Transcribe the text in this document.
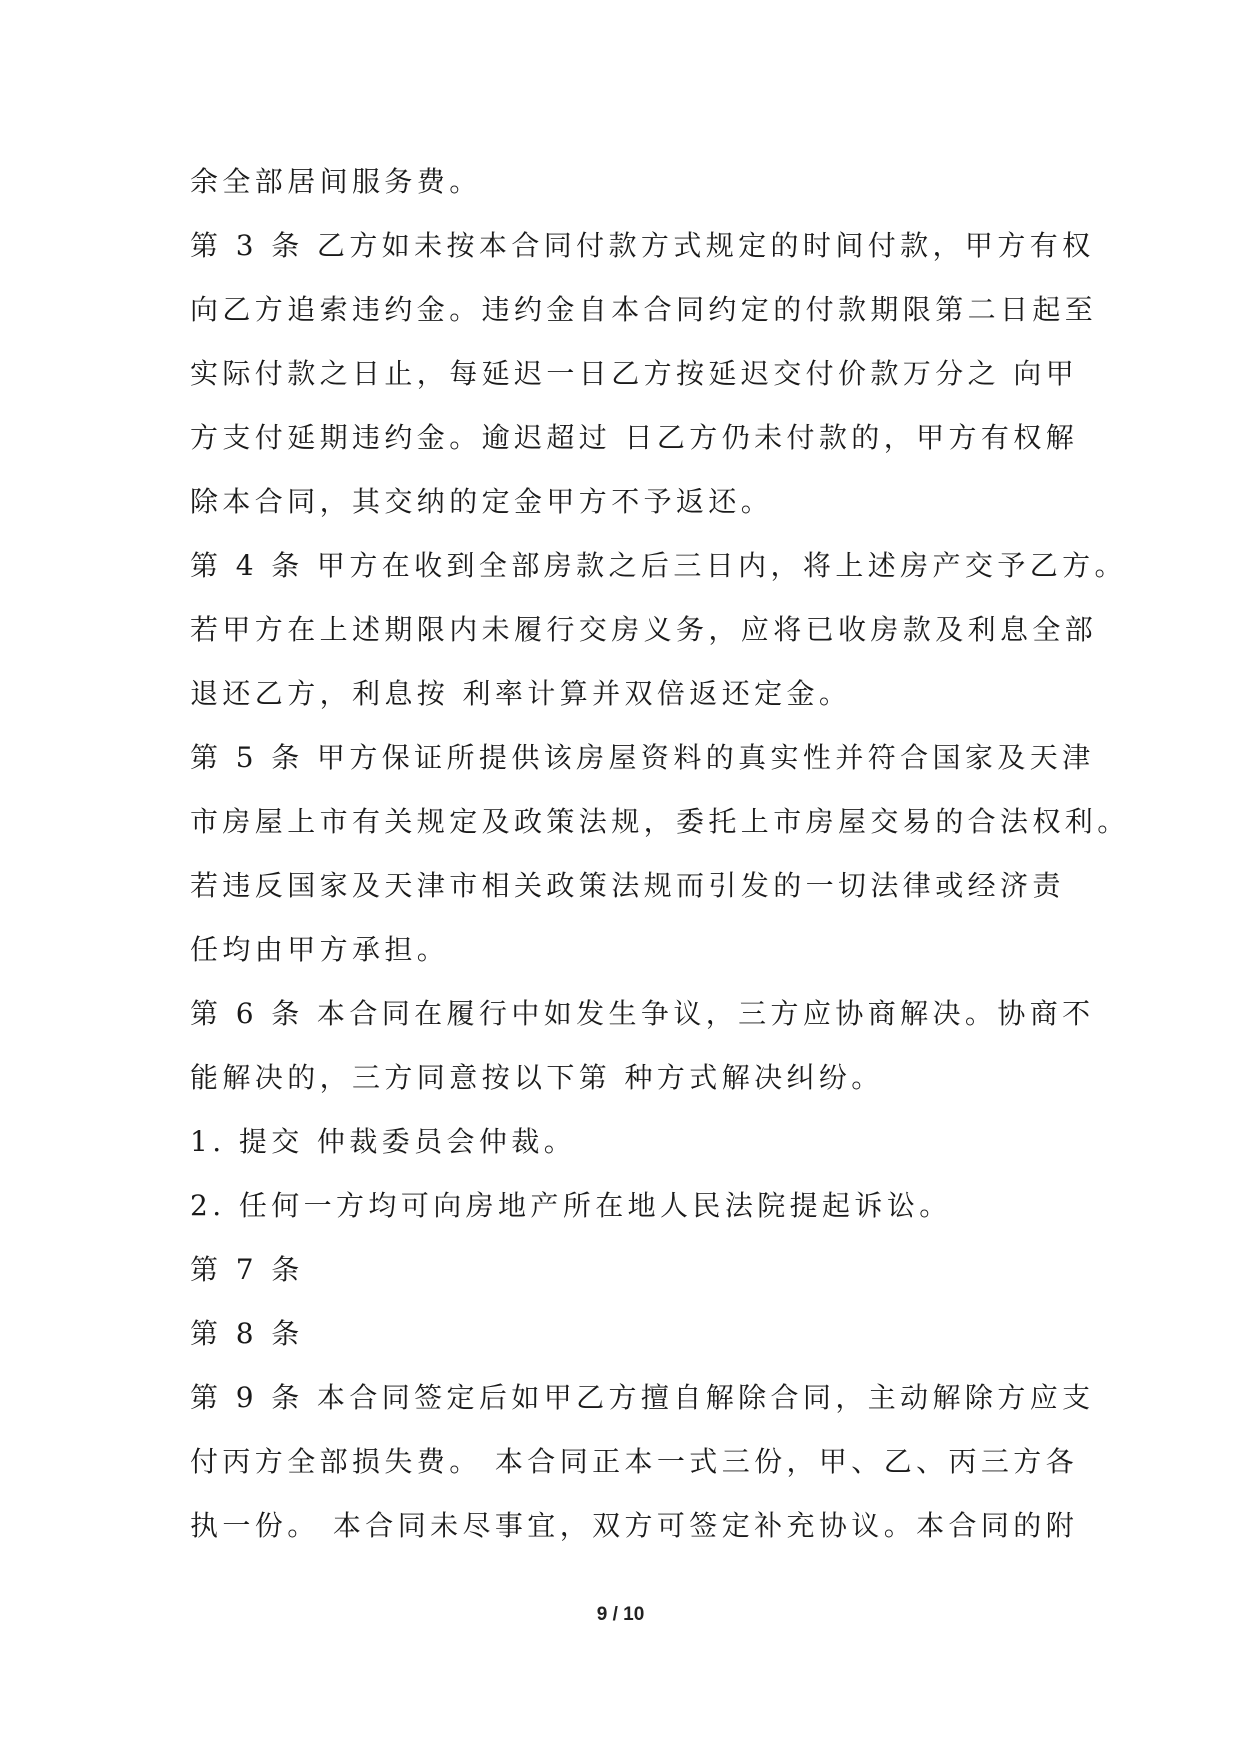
余全部居间服务费。
第 3 条 乙方如未按本合同付款方式规定的时间付款，甲方有权
向乙方追索违约金。违约金自本合同约定的付款期限第二日起至
实际付款之日止，每延迟一日乙方按延迟交付价款万分之 向甲
方支付延期违约金。逾迟超过 日乙方仍未付款的，甲方有权解
除本合同，其交纳的定金甲方不予返还。
第 4 条 甲方在收到全部房款之后三日内，将上述房产交予乙方。
若甲方在上述期限内未履行交房义务，应将已收房款及利息全部
退还乙方，利息按 利率计算并双倍返还定金。
第 5 条 甲方保证所提供该房屋资料的真实性并符合国家及天津
市房屋上市有关规定及政策法规，委托上市房屋交易的合法权利。
若违反国家及天津市相关政策法规而引发的一切法律或经济责
任均由甲方承担。
第 6 条 本合同在履行中如发生争议，三方应协商解决。协商不
能解决的，三方同意按以下第 种方式解决纠纷。
1. 提交 仲裁委员会仲裁。
2. 任何一方均可向房地产所在地人民法院提起诉讼。
第 7 条
第 8 条
第 9 条 本合同签定后如甲乙方擅自解除合同，主动解除方应支
付丙方全部损失费。 本合同正本一式三份，甲、乙、丙三方各
执一份。 本合同未尽事宜，双方可签定补充协议。本合同的附
9 / 10
